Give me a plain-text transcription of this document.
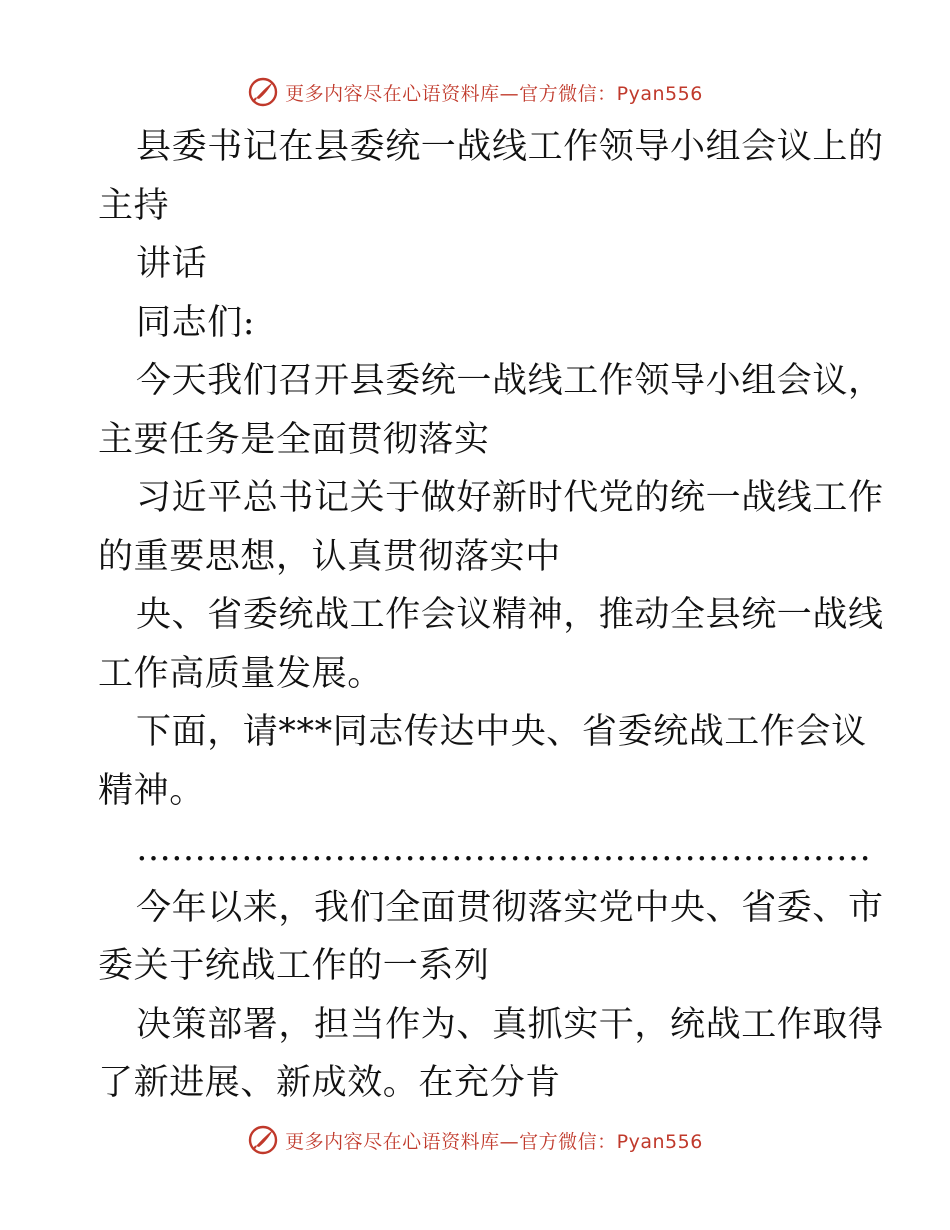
更多内容尽在心语资料库—官方微信：Pyan556
县委书记在县委统一战线工作领导小组会议上的
主持
讲话
同志们:
今天我们召开县委统一战线工作领导小组会议，
主要任务是全面贯彻落实
习近平总书记关于做好新时代党的统一战线工作
的重要思想，认真贯彻落实中
央、省委统战工作会议精神，推动全县统一战线
工作高质量发展。
下面，请***同志传达中央、省委统战工作会议
精神。
………………………………………………………
今年以来，我们全面贯彻落实党中央、省委、市
委关于统战工作的一系列
决策部署，担当作为、真抓实干，统战工作取得
了新进展、新成效。在充分肯
更多内容尽在心语资料库—官方微信：Pyan556
